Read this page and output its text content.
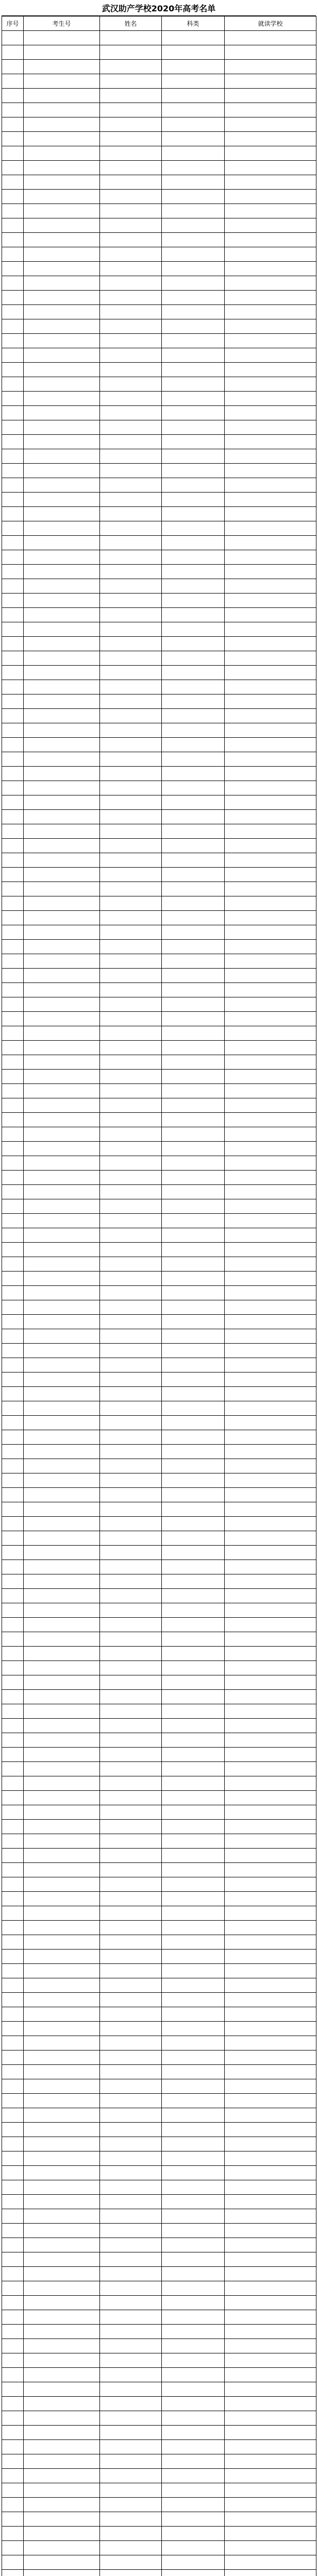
武汉助产学校2020年高考名单
序号	考生号	姓名	科类	就读学校
